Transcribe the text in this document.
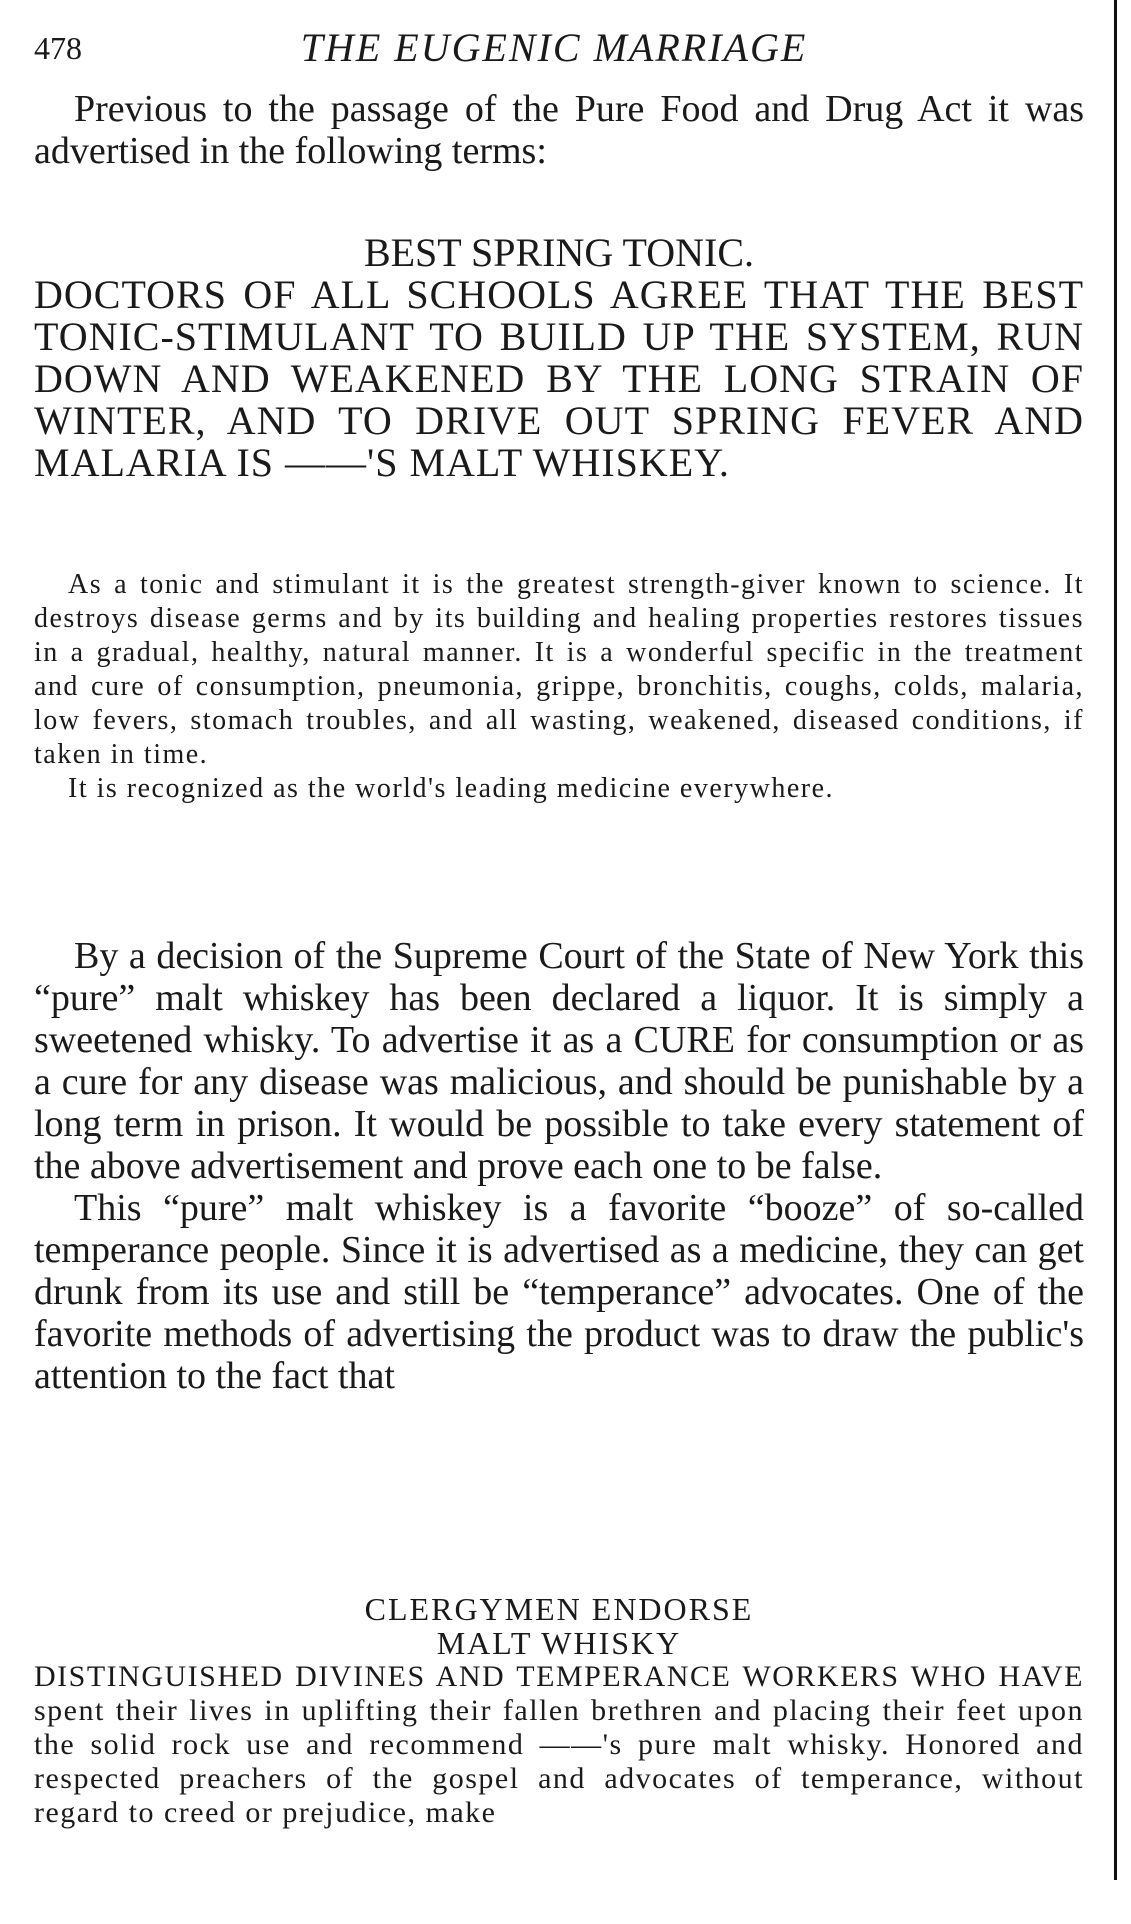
478	THE EUGENIC MARRIAGE

Previous to the passage of the Pure Food and Drug Act it was advertised in the following terms:

BEST SPRING TONIC.

DOCTORS OF ALL SCHOOLS AGREE THAT THE BEST TONIC-STIMULANT TO BUILD UP THE SYSTEM, RUN DOWN AND WEAKENED BY THE LONG STRAIN OF WINTER, AND TO DRIVE OUT SPRING FEVER AND MALARIA IS ——'S MALT WHISKEY.

As a tonic and stimulant it is the greatest strength-giver known to science. It destroys disease germs and by its building and healing properties restores tissues in a gradual, healthy, natural manner. It is a wonderful specific in the treatment and cure of consumption, pneumonia, grippe, bronchitis, coughs, colds, malaria, low fevers, stomach troubles, and all wasting, weakened, diseased conditions, if taken in time.

It is recognized as the world's leading medicine everywhere.

By a decision of the Supreme Court of the State of New York this “pure” malt whiskey has been declared a liquor. It is simply a sweetened whisky. To advertise it as a CURE for consumption or as a cure for any disease was malicious, and should be punishable by a long term in prison. It would be possible to take every statement of the above advertisement and prove each one to be false.

This “pure” malt whiskey is a favorite “booze” of so-called temperance people. Since it is advertised as a medicine, they can get drunk from its use and still be “temperance” advocates. One of the favorite methods of advertising the product was to draw the public's attention to the fact that

CLERGYMEN ENDORSE

MALT WHISKY

DISTINGUISHED DIVINES AND TEMPERANCE WORKERS WHO HAVE spent their lives in uplifting their fallen brethren and placing their feet upon the solid rock use and recommend ——'s pure malt whisky. Honored and respected preachers of the gospel and advocates of temperance, without regard to creed or prejudice, make
